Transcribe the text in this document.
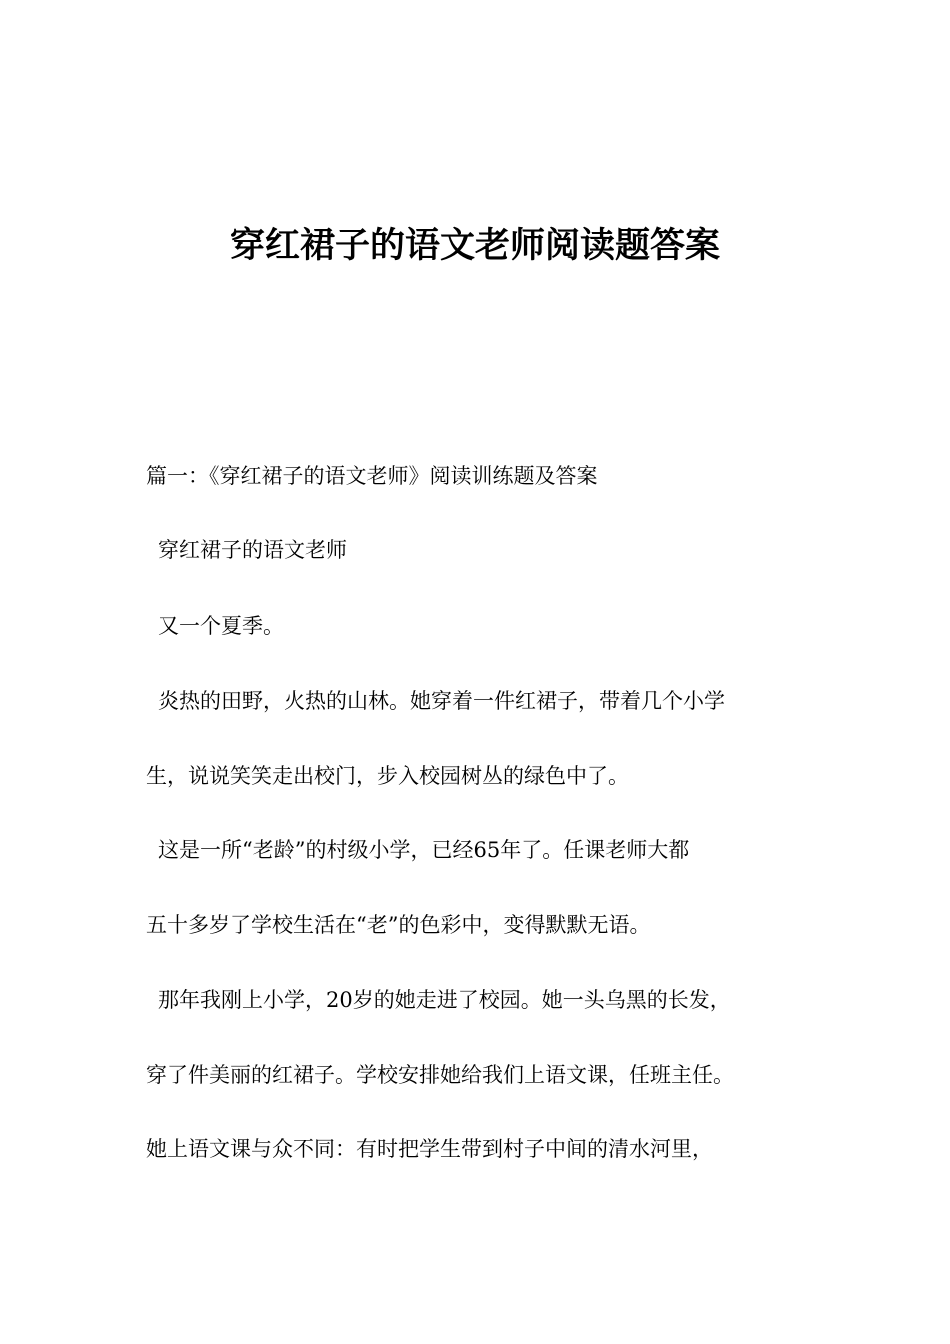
穿红裙子的语文老师阅读题答案
篇一：《穿红裙子的语文老师》阅读训练题及答案
穿红裙子的语文老师
又一个夏季。
炎热的田野，火热的山林。她穿着一件红裙子，带着几个小学
生，说说笑笑走出校门，步入校园树丛的绿色中了。
这是一所“老龄”的村级小学，已经65年了。任课老师大都
五十多岁了学校生活在“老”的色彩中，变得默默无语。
那年我刚上小学，20岁的她走进了校园。她一头乌黑的长发，
穿了件美丽的红裙子。学校安排她给我们上语文课，任班主任。
她上语文课与众不同：有时把学生带到村子中间的清水河里，
